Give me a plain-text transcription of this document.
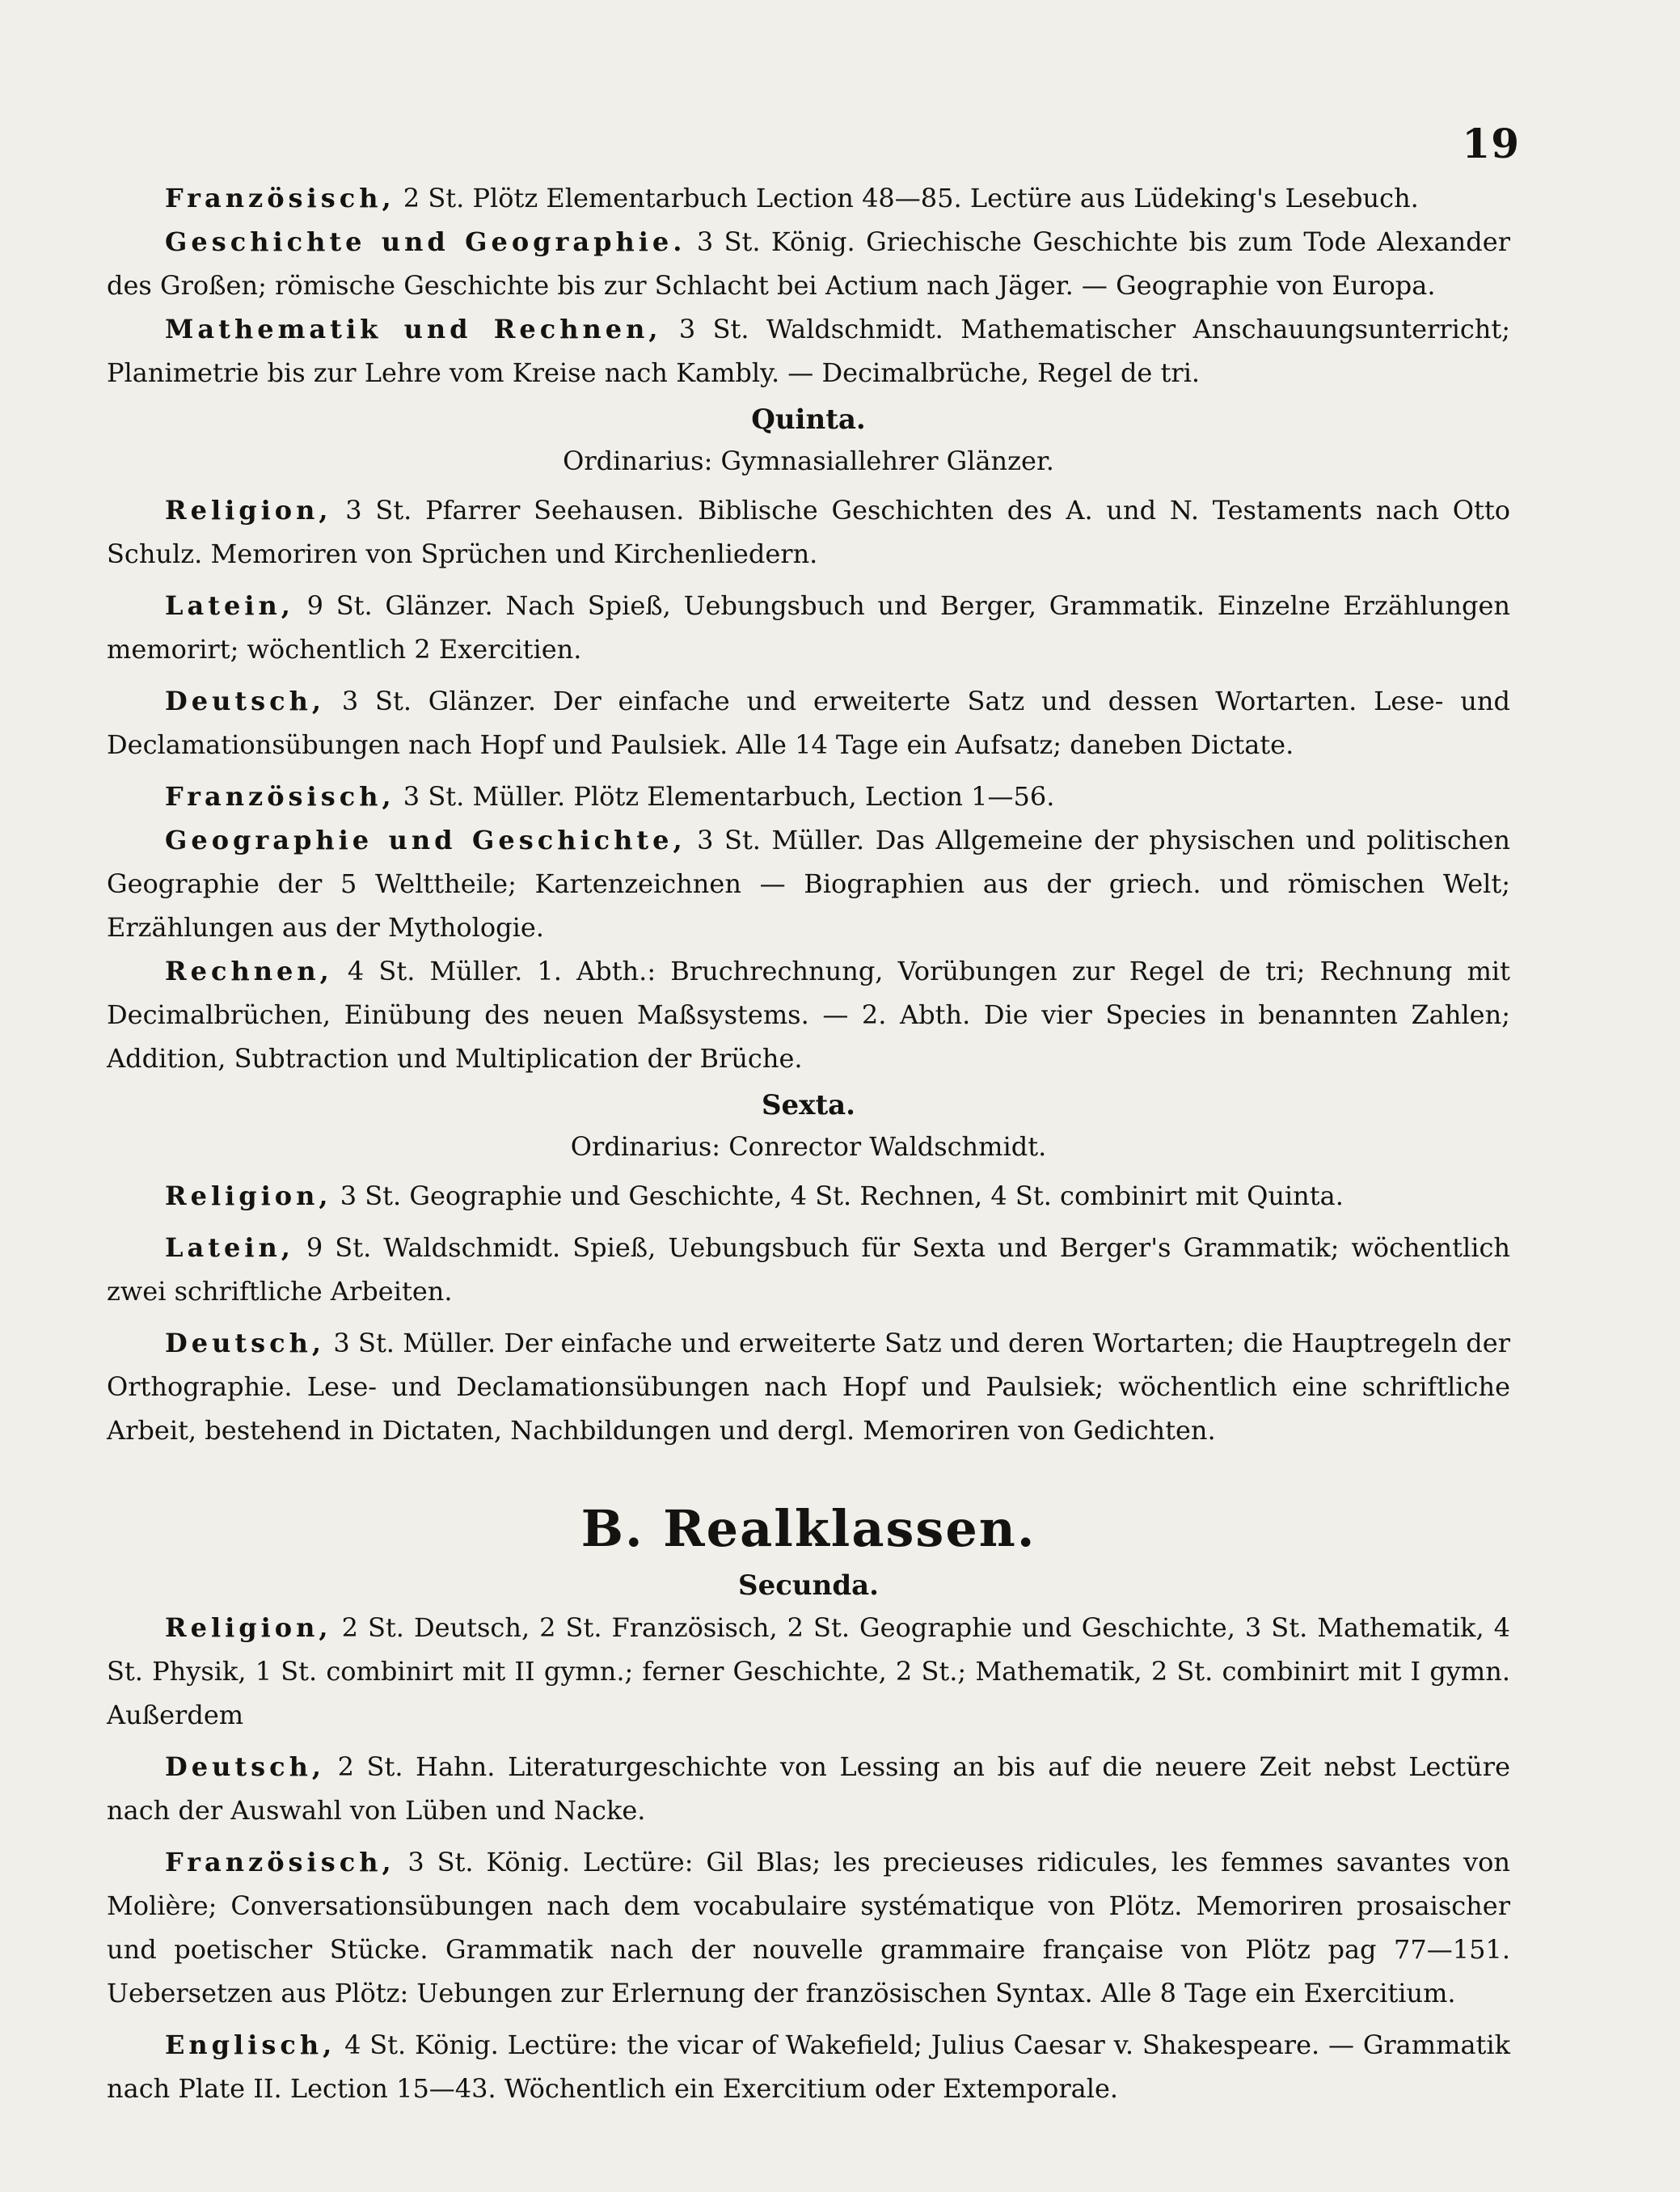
19

Französisch, 2 St. Plötz Elementarbuch Lection 48—85. Lectüre aus Lüdeking's Lesebuch.

Geschichte und Geographie. 3 St. König. Griechische Geschichte bis zum Tode Alexander des Großen; römische Geschichte bis zur Schlacht bei Actium nach Jäger. — Geographie von Europa.

Mathematik und Rechnen, 3 St. Waldschmidt. Mathematischer Anschauungsunterricht; Planimetrie bis zur Lehre vom Kreise nach Kambly. — Decimalbrüche, Regel de tri.

Quinta.
Ordinarius: Gymnasiallehrer Glänzer.

Religion, 3 St. Pfarrer Seehausen. Biblische Geschichten des A. und N. Testaments nach Otto Schulz. Memoriren von Sprüchen und Kirchenliedern.

Latein, 9 St. Glänzer. Nach Spieß, Uebungsbuch und Berger, Grammatik. Einzelne Erzählungen memorirt; wöchentlich 2 Exercitien.

Deutsch, 3 St. Glänzer. Der einfache und erweiterte Satz und dessen Wortarten. Lese- und Declamationsübungen nach Hopf und Paulsiek. Alle 14 Tage ein Aufsatz; daneben Dictate.

Französisch, 3 St. Müller. Plötz Elementarbuch, Lection 1—56.

Geographie und Geschichte, 3 St. Müller. Das Allgemeine der physischen und politischen Geographie der 5 Welttheile; Kartenzeichnen — Biographien aus der griech. und römischen Welt; Erzählungen aus der Mythologie.

Rechnen, 4 St. Müller. 1. Abth.: Bruchrechnung, Vorübungen zur Regel de tri; Rechnung mit Decimalbrüchen, Einübung des neuen Maßsystems. — 2. Abth. Die vier Species in benannten Zahlen; Addition, Subtraction und Multiplication der Brüche.

Sexta.
Ordinarius: Conrector Waldschmidt.

Religion, 3 St. Geographie und Geschichte, 4 St. Rechnen, 4 St. combinirt mit Quinta.

Latein, 9 St. Waldschmidt. Spieß, Uebungsbuch für Sexta und Berger's Grammatik; wöchentlich zwei schriftliche Arbeiten.

Deutsch, 3 St. Müller. Der einfache und erweiterte Satz und deren Wortarten; die Hauptregeln der Orthographie. Lese- und Declamationsübungen nach Hopf und Paulsiek; wöchentlich eine schriftliche Arbeit, bestehend in Dictaten, Nachbildungen und dergl. Memoriren von Gedichten.

B. Realklassen.
Secunda.

Religion, 2 St. Deutsch, 2 St. Französisch, 2 St. Geographie und Geschichte, 3 St. Mathematik, 4 St. Physik, 1 St. combinirt mit II gymn.; ferner Geschichte, 2 St.; Mathematik, 2 St. combinirt mit I gymn. Außerdem

Deutsch, 2 St. Hahn. Literaturgeschichte von Lessing an bis auf die neuere Zeit nebst Lectüre nach der Auswahl von Lüben und Nacke.

Französisch, 3 St. König. Lectüre: Gil Blas; les precieuses ridicules, les femmes savantes von Molière; Conversationsübungen nach dem vocabulaire systématique von Plötz. Memoriren prosaischer und poetischer Stücke. Grammatik nach der nouvelle grammaire française von Plötz pag 77—151. Uebersetzen aus Plötz: Uebungen zur Erlernung der französischen Syntax. Alle 8 Tage ein Exercitium.

Englisch, 4 St. König. Lectüre: the vicar of Wakefield; Julius Caesar v. Shakespeare. — Grammatik nach Plate II. Lection 15—43. Wöchentlich ein Exercitium oder Extemporale.
